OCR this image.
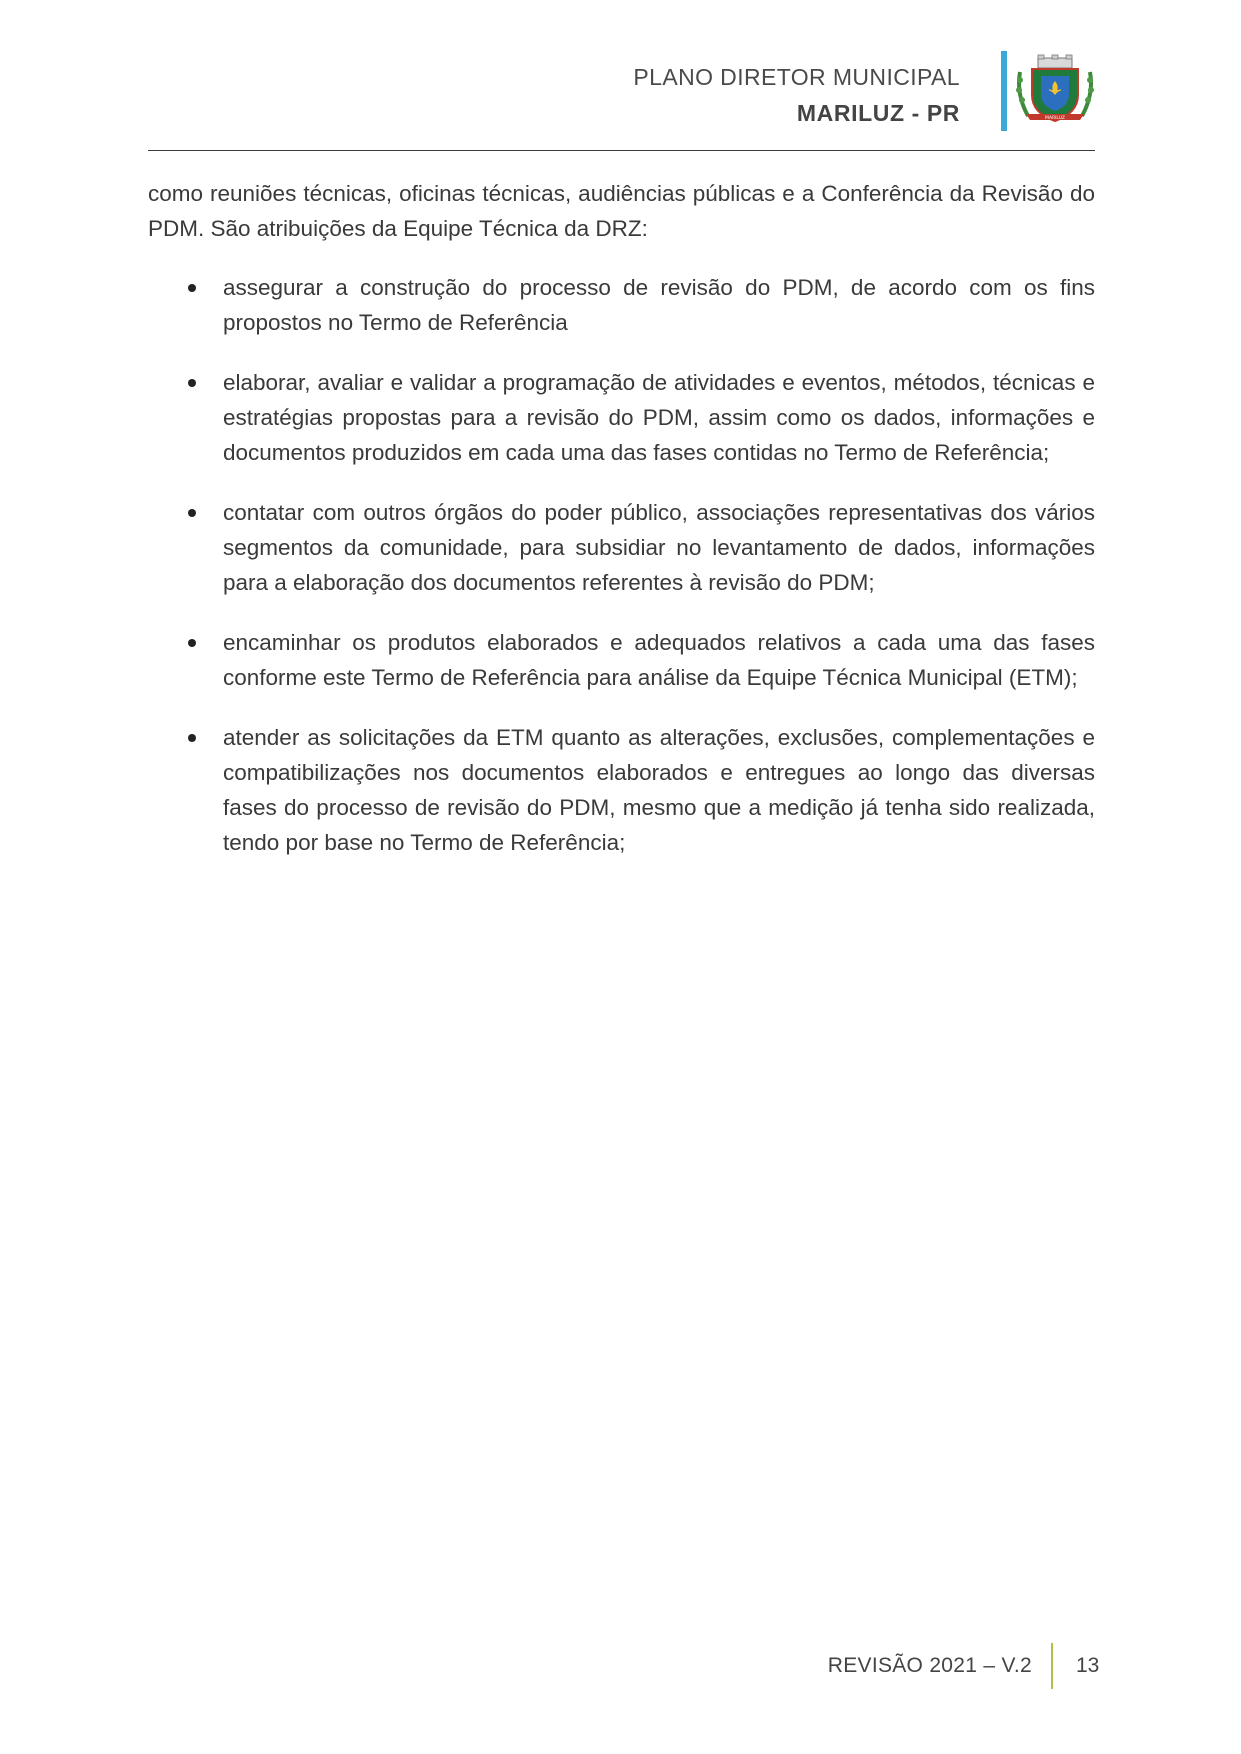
PLANO DIRETOR MUNICIPAL
MARILUZ - PR	MARILUZ

como reuniões técnicas, oficinas técnicas, audiências públicas e a Conferência da Revisão do PDM. São atribuições da Equipe Técnica da DRZ:

assegurar a construção do processo de revisão do PDM, de acordo com os fins propostos no Termo de Referência
elaborar, avaliar e validar a programação de atividades e eventos, métodos, técnicas e estratégias propostas para a revisão do PDM, assim como os dados, informações e documentos produzidos em cada uma das fases contidas no Termo de Referência;
contatar com outros órgãos do poder público, associações representativas dos vários segmentos da comunidade, para subsidiar no levantamento de dados, informações para a elaboração dos documentos referentes à revisão do PDM;
encaminhar os produtos elaborados e adequados relativos a cada uma das fases conforme este Termo de Referência para análise da Equipe Técnica Municipal (ETM);
atender as solicitações da ETM quanto as alterações, exclusões, complementações e compatibilizações nos documentos elaborados e entregues ao longo das diversas fases do processo de revisão do PDM, mesmo que a medição já tenha sido realizada, tendo por base no Termo de Referência;
REVISÃO 2021 – V.2 13
